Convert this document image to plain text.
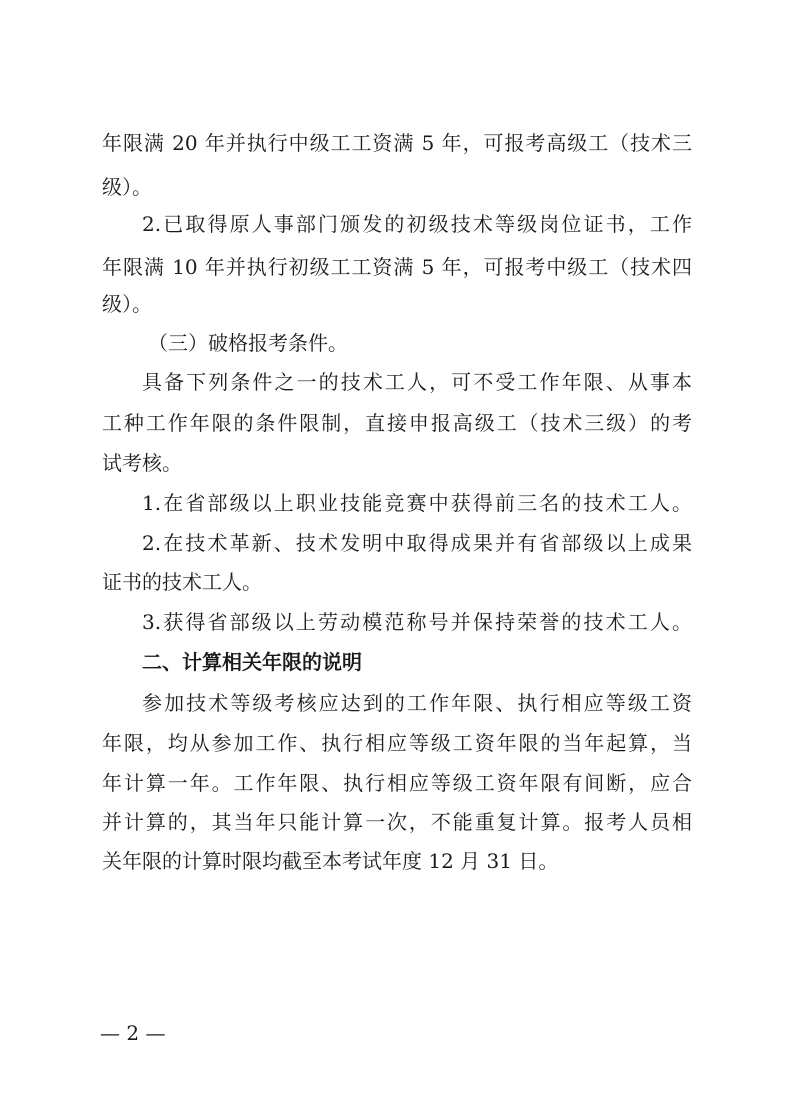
年限满 20 年并执行中级工工资满 5 年，可报考高级工（技术三
级）。
2.已取得原人事部门颁发的初级技术等级岗位证书，工作
年限满 10 年并执行初级工工资满 5 年，可报考中级工（技术四
级）。
（三）破格报考条件。
具备下列条件之一的技术工人，可不受工作年限、从事本
工种工作年限的条件限制，直接申报高级工（技术三级）的考
试考核。
1.在省部级以上职业技能竞赛中获得前三名的技术工人。
2.在技术革新、技术发明中取得成果并有省部级以上成果
证书的技术工人。
3.获得省部级以上劳动模范称号并保持荣誉的技术工人。
二、计算相关年限的说明
参加技术等级考核应达到的工作年限、执行相应等级工资
年限，均从参加工作、执行相应等级工资年限的当年起算，当
年计算一年。工作年限、执行相应等级工资年限有间断，应合
并计算的，其当年只能计算一次，不能重复计算。报考人员相
关年限的计算时限均截至本考试年度 12 月 31 日。
— 2 —
